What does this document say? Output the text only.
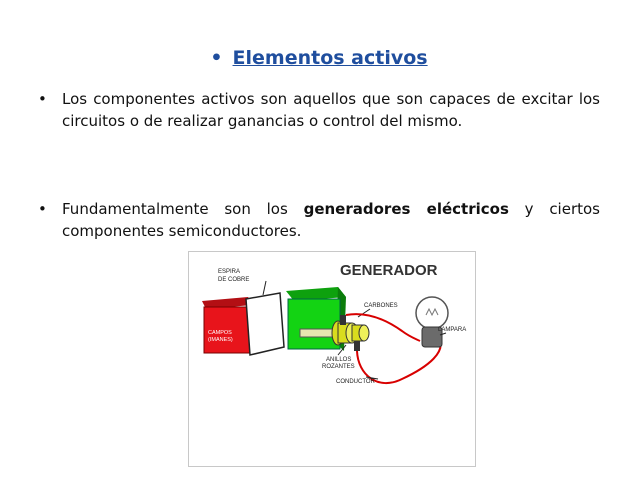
• Elementos activos
• Los componentes activos son aquellos que son capaces de excitar los circuitos o de realizar ganancias o control del mismo.
• Fundamentalmente son los generadores eléctricos y ciertos componentes semiconductores.
GENERADOR
CAMPOS
(IMANES)
ESPIRA
DE COBRE
CARBONES
ANILLOS
ROZANTES
CONDUCTOR
LAMPARA
